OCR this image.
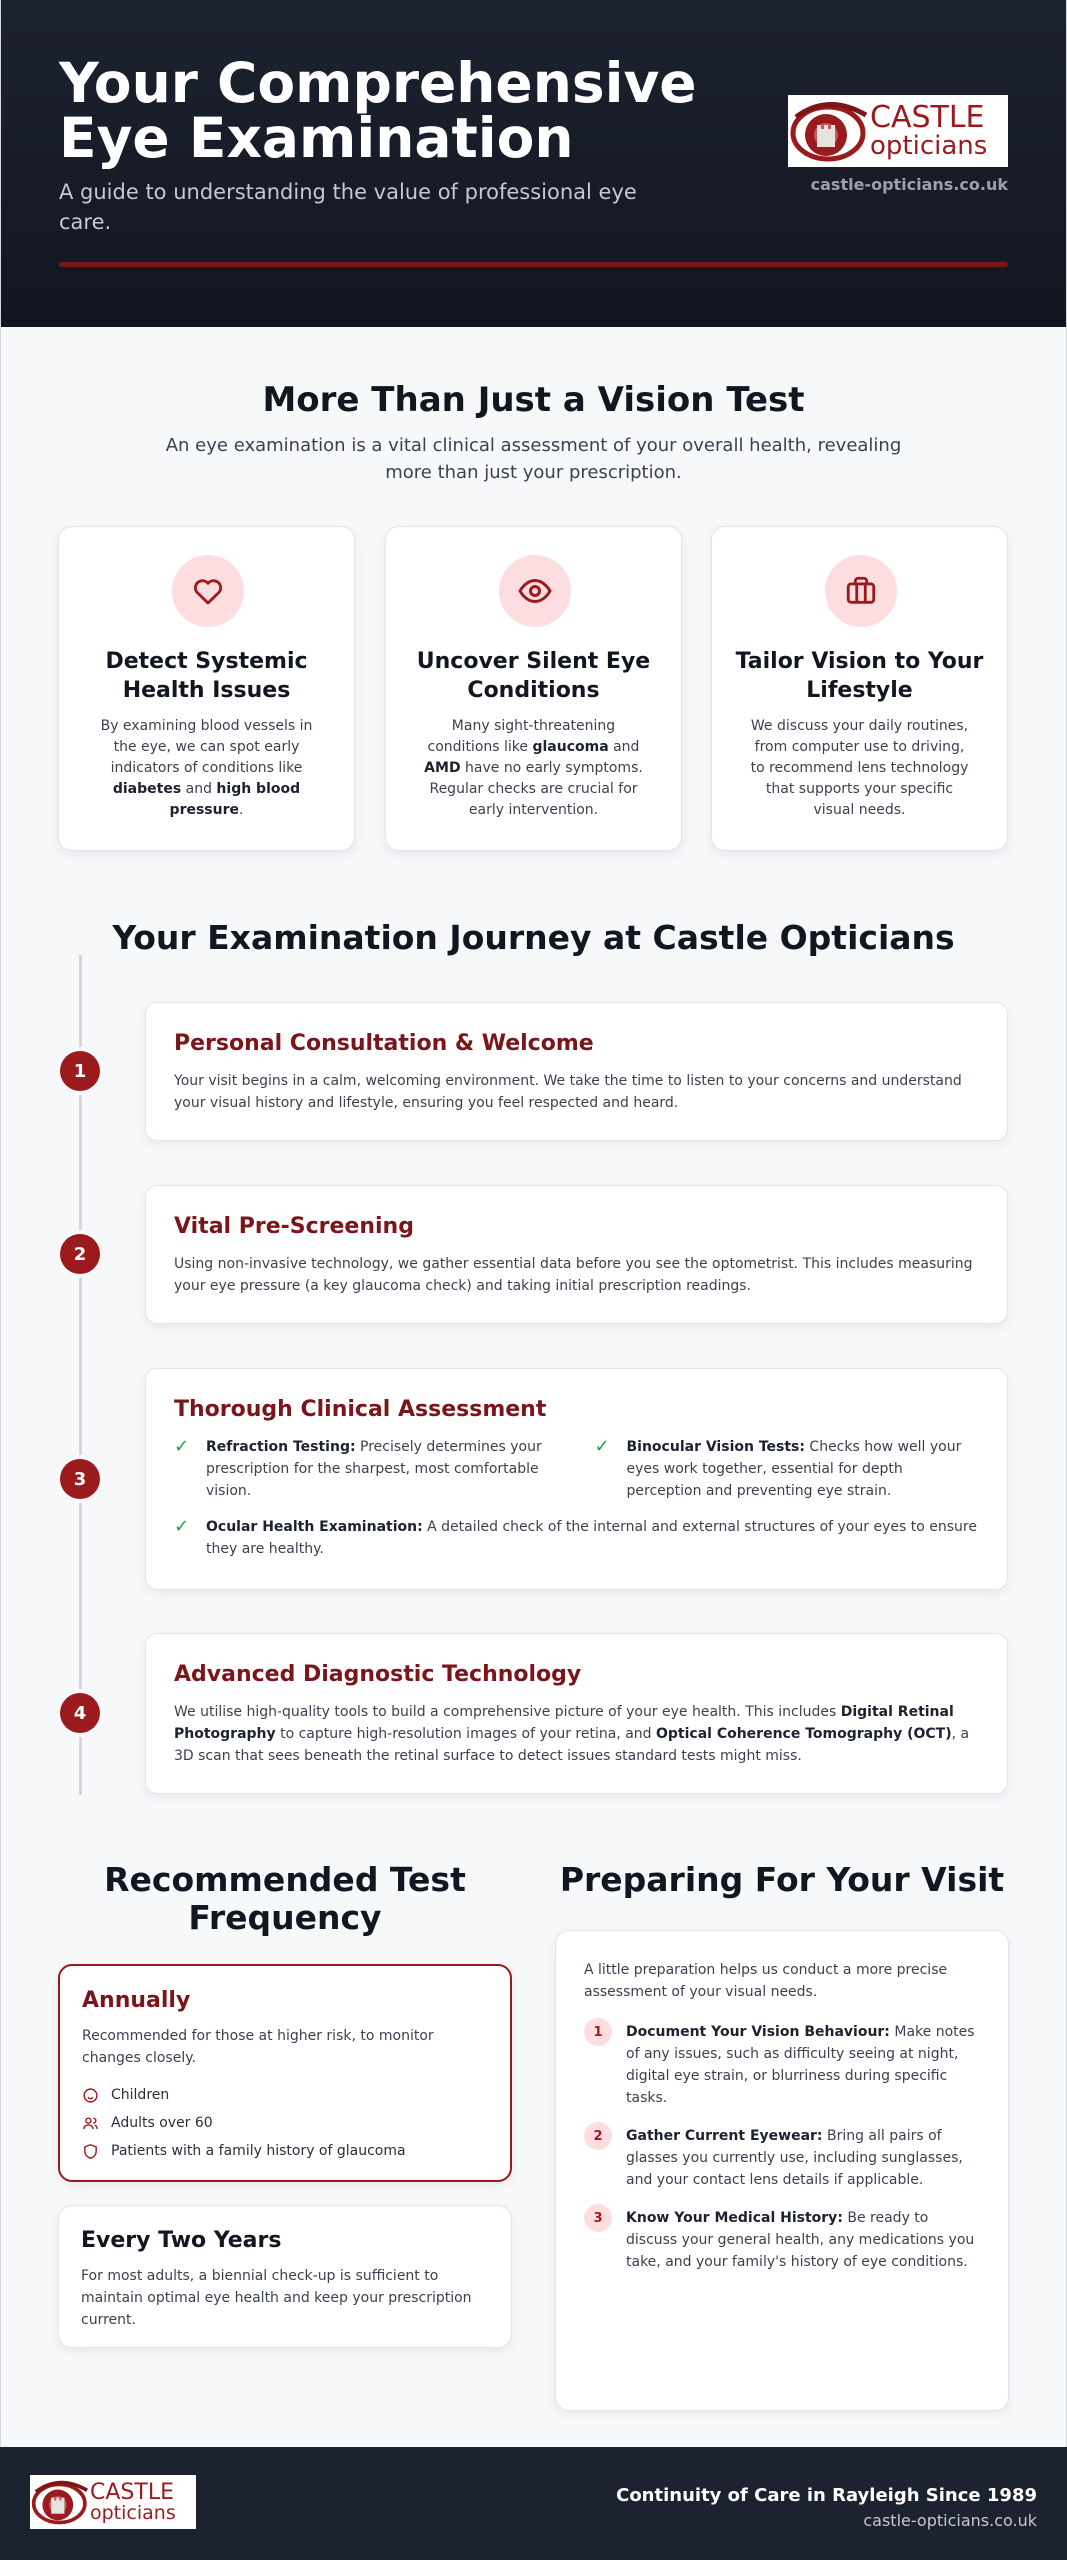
Your Comprehensive Eye Examination

A guide to understanding the value of professional eye care.

CASTLE
opticians
castle-opticians.co.uk
More Than Just a Vision Test

An eye examination is a vital clinical assessment of your overall health, revealing more than just your prescription.

Detect Systemic Health Issues

By examining blood vessels in the eye, we can spot early indicators of conditions like diabetes and high blood pressure.

Uncover Silent Eye Conditions

Many sight-threatening conditions like glaucoma and AMD have no early symptoms. Regular checks are crucial for early intervention.

Tailor Vision to Your Lifestyle

We discuss your daily routines, from computer use to driving, to recommend lens technology that supports your specific visual needs.

Your Examination Journey at Castle Opticians
1
Personal Consultation & Welcome

Your visit begins in a calm, welcoming environment. We take the time to listen to your concerns and understand your visual history and lifestyle, ensuring you feel respected and heard.

2
Vital Pre-Screening

Using non-invasive technology, we gather essential data before you see the optometrist. This includes measuring your eye pressure (a key glaucoma check) and taking initial prescription readings.

3
Thorough Clinical Assessment
✓	Refraction Testing: Precisely determines your prescription for the sharpest, most comfortable vision.
✓	Binocular Vision Tests: Checks how well your eyes work together, essential for depth perception and preventing eye strain.
✓	Ocular Health Examination: A detailed check of the internal and external structures of your eyes to ensure they are healthy.
4
Advanced Diagnostic Technology

We utilise high-quality tools to build a comprehensive picture of your eye health. This includes Digital Retinal Photography to capture high-resolution images of your retina, and Optical Coherence Tomography (OCT), a 3D scan that sees beneath the retinal surface to detect issues standard tests might miss.

Recommended Test Frequency
Preparing For Your Visit
Annually

Recommended for those at higher risk, to monitor changes closely.

Children
Adults over 60
Patients with a family history of glaucoma
Every Two Years

For most adults, a biennial check-up is sufficient to maintain optimal eye health and keep your prescription current.

A little preparation helps us conduct a more precise assessment of your visual needs.

1	Document Your Vision Behaviour: Make notes of any issues, such as difficulty seeing at night, digital eye strain, or blurriness during specific tasks.

2	Gather Current Eyewear: Bring all pairs of glasses you currently use, including sunglasses, and your contact lens details if applicable.

3	Know Your Medical History: Be ready to discuss your general health, any medications you take, and your family's history of eye conditions.

CASTLE
opticians
Continuity of Care in Rayleigh Since 1989
castle-opticians.co.uk
